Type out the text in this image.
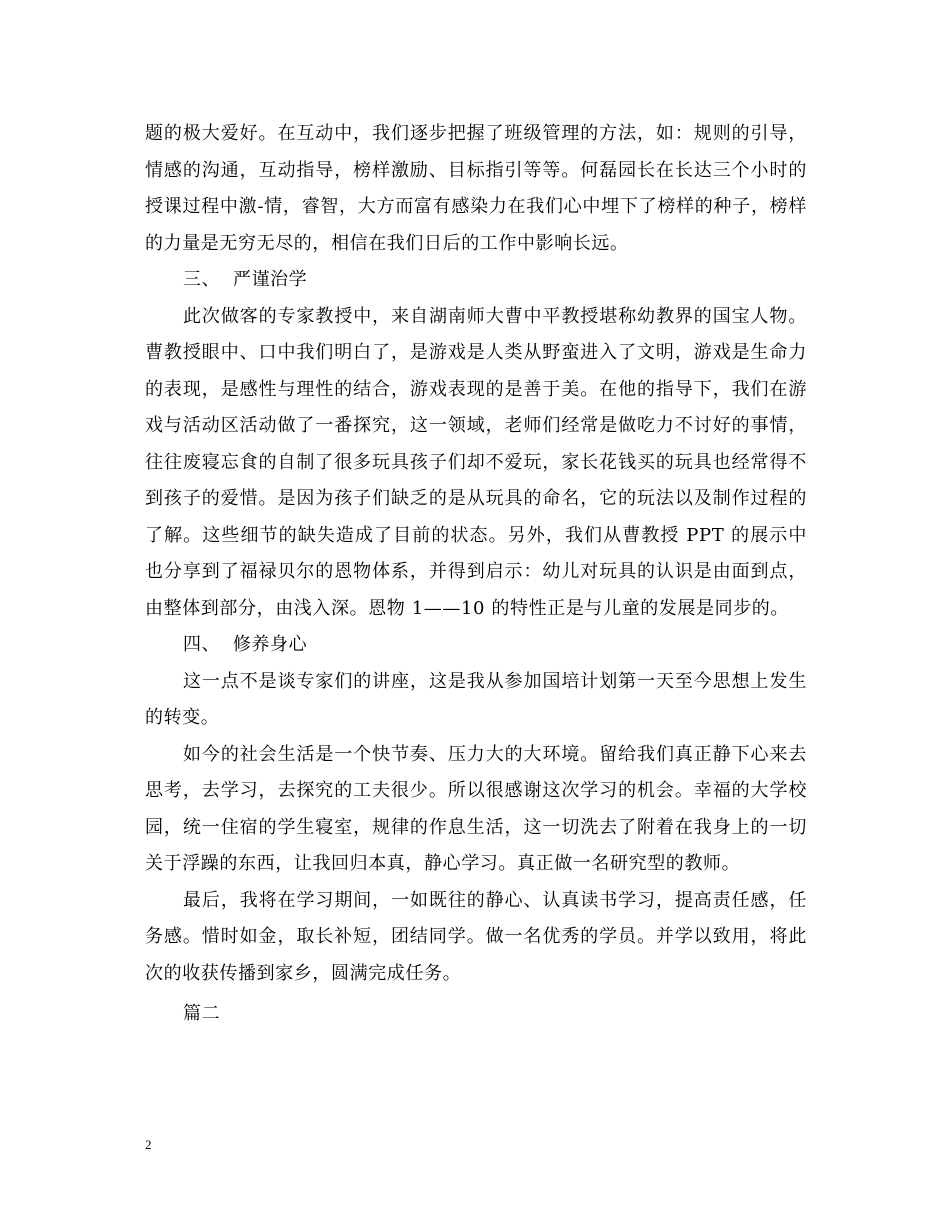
题的极大爱好。在互动中，我们逐步把握了班级管理的方法，如：规则的引导，情感的沟通，互动指导，榜样激励、目标指引等等。何磊园长在长达三个小时的授课过程中激-情，睿智，大方而富有感染力在我们心中埋下了榜样的种子，榜样的力量是无穷无尽的，相信在我们日后的工作中影响长远。

三、  严谨治学

此次做客的专家教授中，来自湖南师大曹中平教授堪称幼教界的国宝人物。曹教授眼中、口中我们明白了，是游戏是人类从野蛮进入了文明，游戏是生命力的表现，是感性与理性的结合，游戏表现的是善于美。在他的指导下，我们在游戏与活动区活动做了一番探究，这一领域，老师们经常是做吃力不讨好的事情，往往废寝忘食的自制了很多玩具孩子们却不爱玩，家长花钱买的玩具也经常得不到孩子的爱惜。是因为孩子们缺乏的是从玩具的命名，它的玩法以及制作过程的了解。这些细节的缺失造成了目前的状态。另外，我们从曹教授 PPT 的展示中也分享到了福禄贝尔的恩物体系，并得到启示：幼儿对玩具的认识是由面到点，由整体到部分，由浅入深。恩物 1——10 的特性正是与儿童的发展是同步的。

四、  修养身心

这一点不是谈专家们的讲座，这是我从参加国培计划第一天至今思想上发生的转变。

如今的社会生活是一个快节奏、压力大的大环境。留给我们真正静下心来去思考，去学习，去探究的工夫很少。所以很感谢这次学习的机会。幸福的大学校园，统一住宿的学生寝室，规律的作息生活，这一切洗去了附着在我身上的一切关于浮躁的东西，让我回归本真，静心学习。真正做一名研究型的教师。

最后，我将在学习期间，一如既往的静心、认真读书学习，提高责任感，任务感。惜时如金，取长补短，团结同学。做一名优秀的学员。并学以致用，将此次的收获传播到家乡，圆满完成任务。

篇二

2
